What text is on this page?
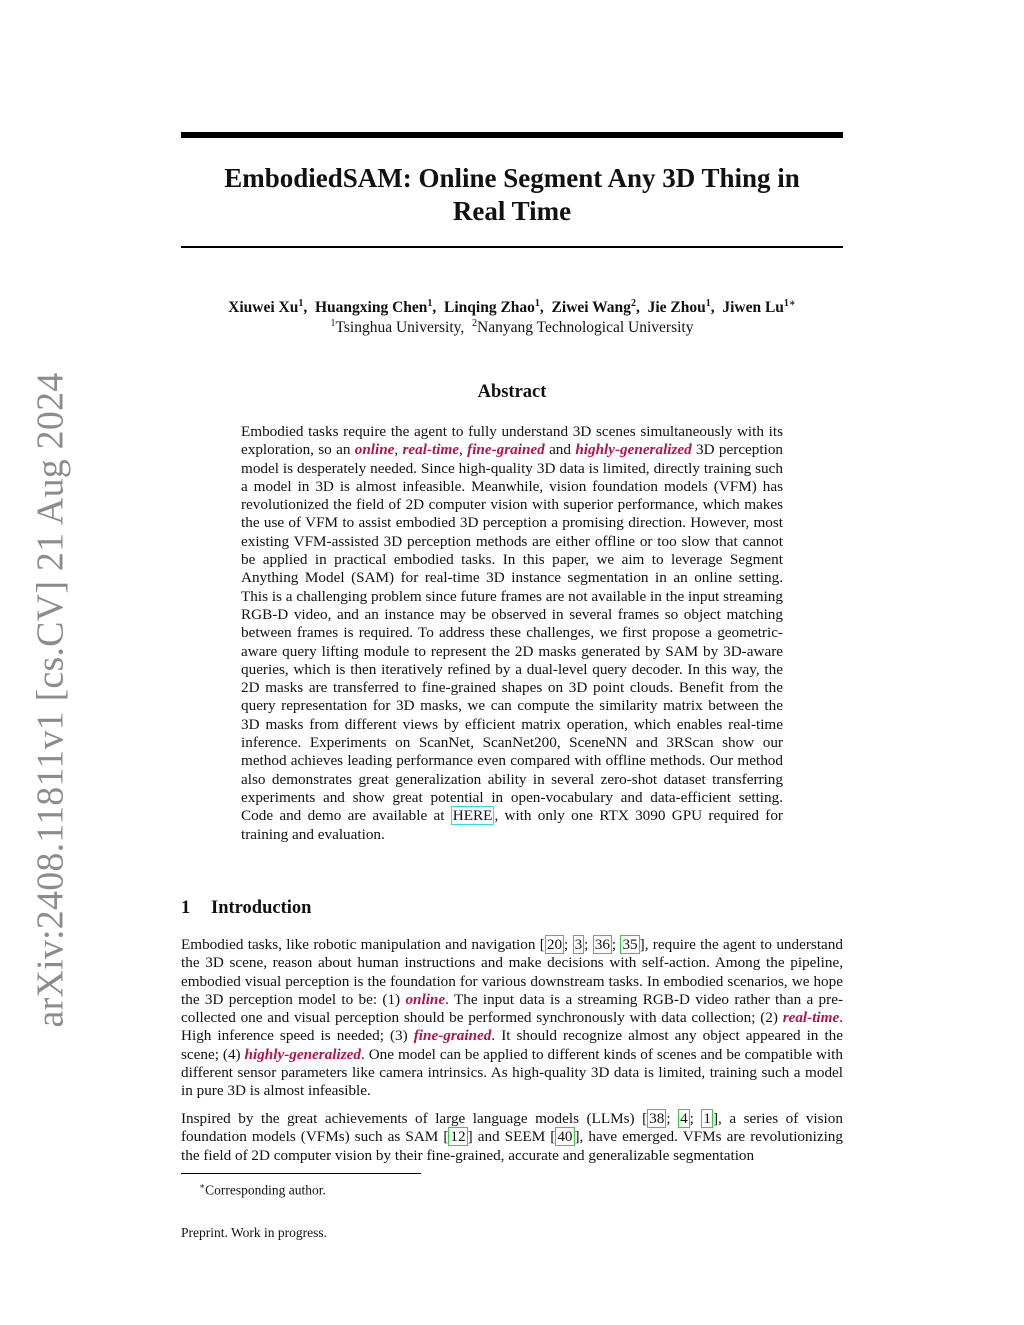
arXiv:2408.11811v1 [cs.CV] 21 Aug 2024
EmbodiedSAM: Online Segment Any 3D Thing in
Real Time
Xiuwei Xu$^1$,  Huangxing Chen$^1$,  Linqing Zhao$^1$,  Ziwei Wang$^2$,  Jie Zhou$^1$,  Jiwen $Lu^{1∗}$
$^1$Tsinghua University, $^2$Nanyang Technological University
Abstract

Embodied tasks require the agent to fully understand 3D scenes simultaneously with its exploration, so an online, real-time, fine-grained and highly-generalized 3D perception model is desperately needed. Since high-quality 3D data is limited, directly training such a model in 3D is almost infeasible. Meanwhile, vision foundation models (VFM) has revolutionized the field of 2D computer vision with superior performance, which makes the use of VFM to assist embodied 3D perception a promising direction. However, most existing VFM-assisted 3D perception methods are either offline or too slow that cannot be applied in practical embodied tasks. In this paper, we aim to leverage Segment Anything Model (SAM) for real-time 3D instance segmentation in an online setting. This is a challenging problem since future frames are not available in the input streaming RGB-D video, and an instance may be observed in several frames so object matching between frames is required. To address these challenges, we first propose a geometric-aware query lifting module to represent the 2D masks generated by SAM by 3D-aware queries, which is then iteratively refined by a dual-level query decoder. In this way, the 2D masks are transferred to fine-grained shapes on 3D point clouds. Benefit from the query representation for 3D masks, we can compute the similarity matrix between the 3D masks from different views by efficient matrix operation, which enables real-time inference. Experiments on ScanNet, ScanNet200, SceneNN and 3RScan show our method achieves leading performance even compared with offline methods. Our method also demonstrates great generalization ability in several zero-shot dataset transferring experiments and show great potential in open-vocabulary and data-efficient setting. Code and demo are available at HERE , with only one RTX 3090 GPU required for training and evaluation.

1 Introduction

Embodied tasks, like robotic manipulation and navigation [ 20 ; 3 ; 36 ; 35 ], require the agent to understand the 3D scene, reason about human instructions and make decisions with self-action. Among the pipeline, embodied visual perception is the foundation for various downstream tasks. In embodied scenarios, we hope the 3D perception model to be: (1) online. The input data is a streaming RGB-D video rather than a pre-collected one and visual perception should be performed synchronously with data collection; (2) real-time. High inference speed is needed; (3) fine-grained. It should recognize almost any object appeared in the scene; (4) highly-generalized. One model can be applied to different kinds of scenes and be compatible with different sensor parameters like camera intrinsics. As high-quality 3D data is limited, training such a model in pure 3D is almost infeasible.

Inspired by the great achievements of large language models (LLMs) [ 38 ; 4 ; 1 ], a series of vision foundation models (VFMs) such as SAM [ 12 ] and SEEM [ 40 ], have emerged. VFMs are revolutionizing the field of 2D computer vision by their fine-grained, accurate and generalizable segmentation

∗Corresponding author.
Preprint. Work in progress.
